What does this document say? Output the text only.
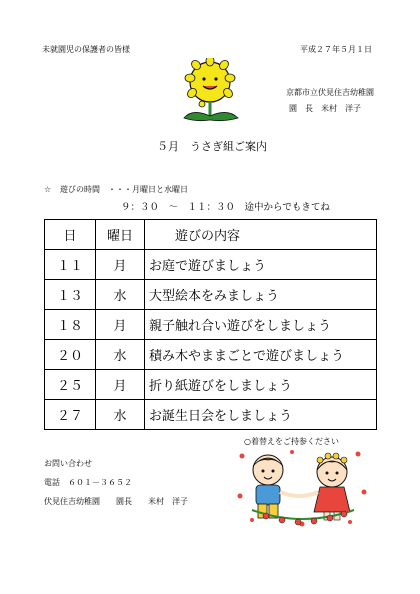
未就園児の保護者の皆様	平成２７年５月１日
京都市立伏見住吉幼稚園
園　長　米村　洋子
５月　うさぎ組ご案内
☆ 遊びの時間　・・・月曜日と水曜日
９：３０　～　１１：３０　途中からでもきてね
日	曜日	遊びの内容
１１	月	お庭で遊びましょう
１３	水	大型絵本をみましょう
１８	月	親子触れ合い遊びをしましょう
２０	水	積み木やままごとで遊びましょう
２５	月	折り紙遊びをしましょう
２７	水	お誕生日会をしましょう
○着替えをご持参ください
お問い合わせ
電話　６０１－３６５２
伏見住吉幼稚園　　園長　　米村　洋子
